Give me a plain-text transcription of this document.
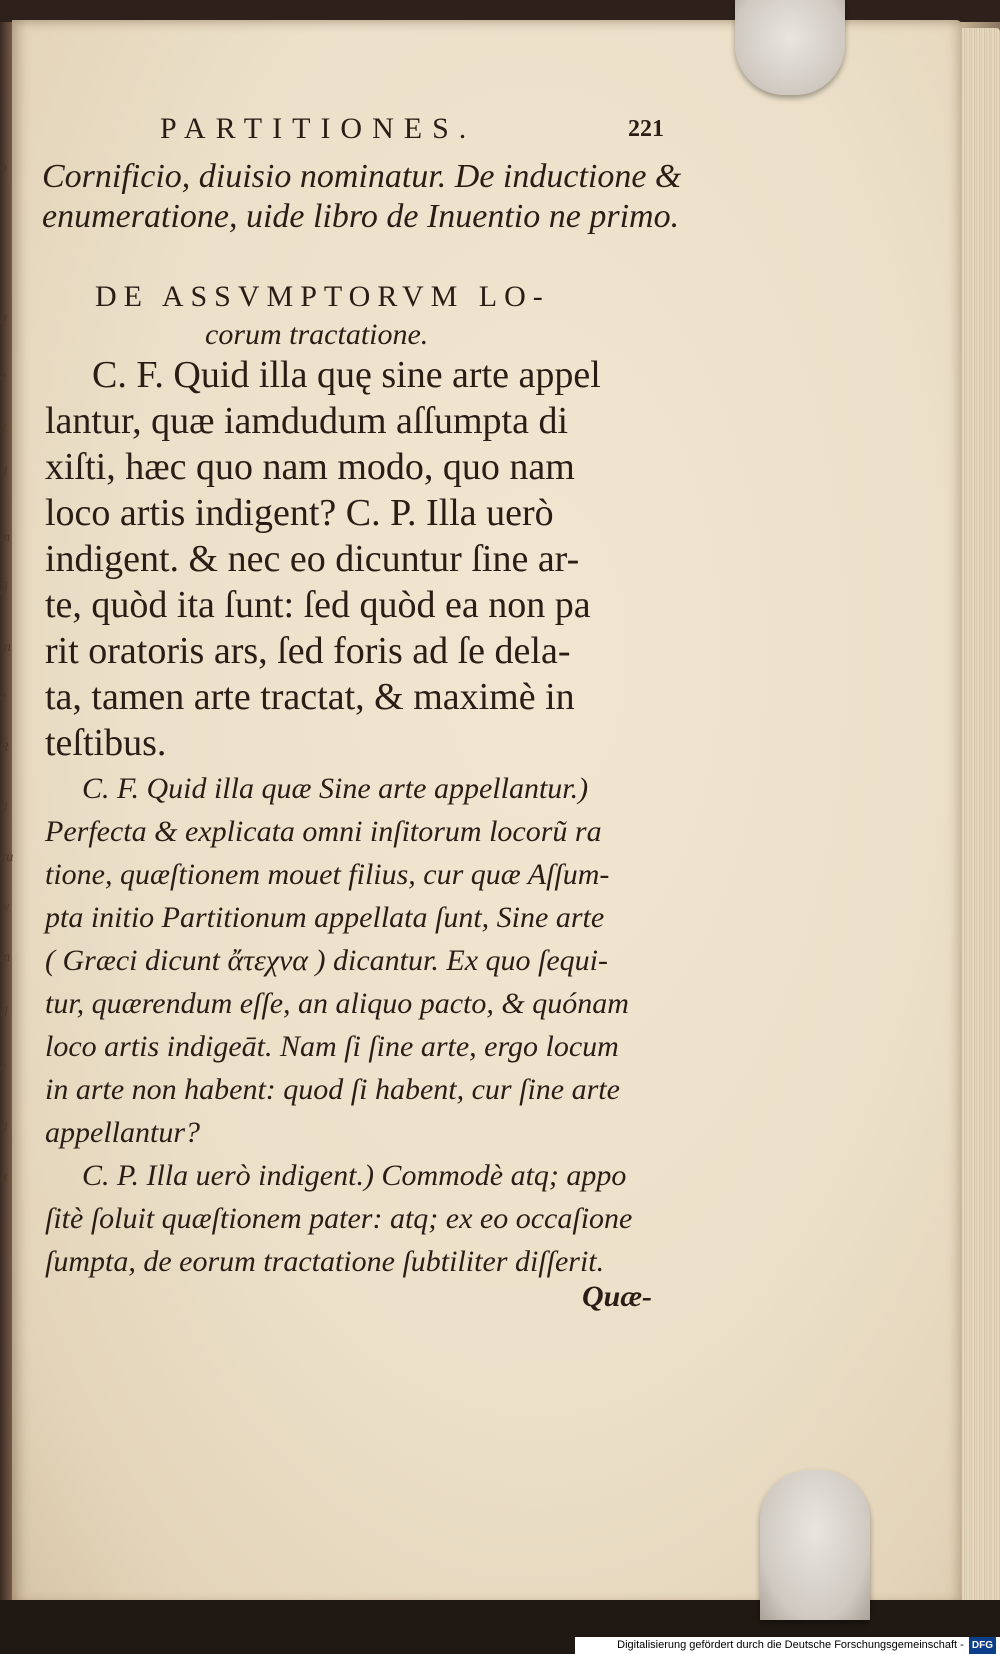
o
i
p
e
x
d
m
fi
in
e
R
ti
cu
w
m
ll
c
ti
it
PARTITIONES.	221
Cornificio, diuisio nominatur. De inductione &
enumeratione, uide libro de Inuentio ne primo.
DE ASSVMPTORVM LO-
corum tractatione.
C. F. Quid illa quę sine arte appel
lantur, quæ iamdudum aſſumpta di
xiſti, hæc quo nam modo, quo nam
loco artis indigent? C. P. Illa uerò
indigent. & nec eo dicuntur ſine ar-
te, quòd ita ſunt: ſed quòd ea non pa
rit oratoris ars, ſed foris ad ſe dela-
ta, tamen arte tractat, & maximè in
teſtibus.
C. F. Quid illa quæ Sine arte appellantur.)
Perfecta & explicata omni inſitorum locorũ ra
tione, quæſtionem mouet filius, cur quæ Aſſum-
pta initio Partitionum appellata ſunt, Sine arte
( Græci dicunt ἄτεχνα ) dicantur. Ex quo ſequi-
tur, quærendum eſſe, an aliquo pacto, & quónam
loco artis indigeāt. Nam ſi ſine arte, ergo locum
in arte non habent: quod ſi habent, cur ſine arte
appellantur?
C. P. Illa uerò indigent.) Commodè atq; appo
ſitè ſoluit quæſtionem pater: atq; ex eo occaſione
ſumpta, de eorum tractatione ſubtiliter diſſerit.
Quæ-
Digitalisierung gefördert durch die Deutsche Forschungsgemeinschaft - DFG
